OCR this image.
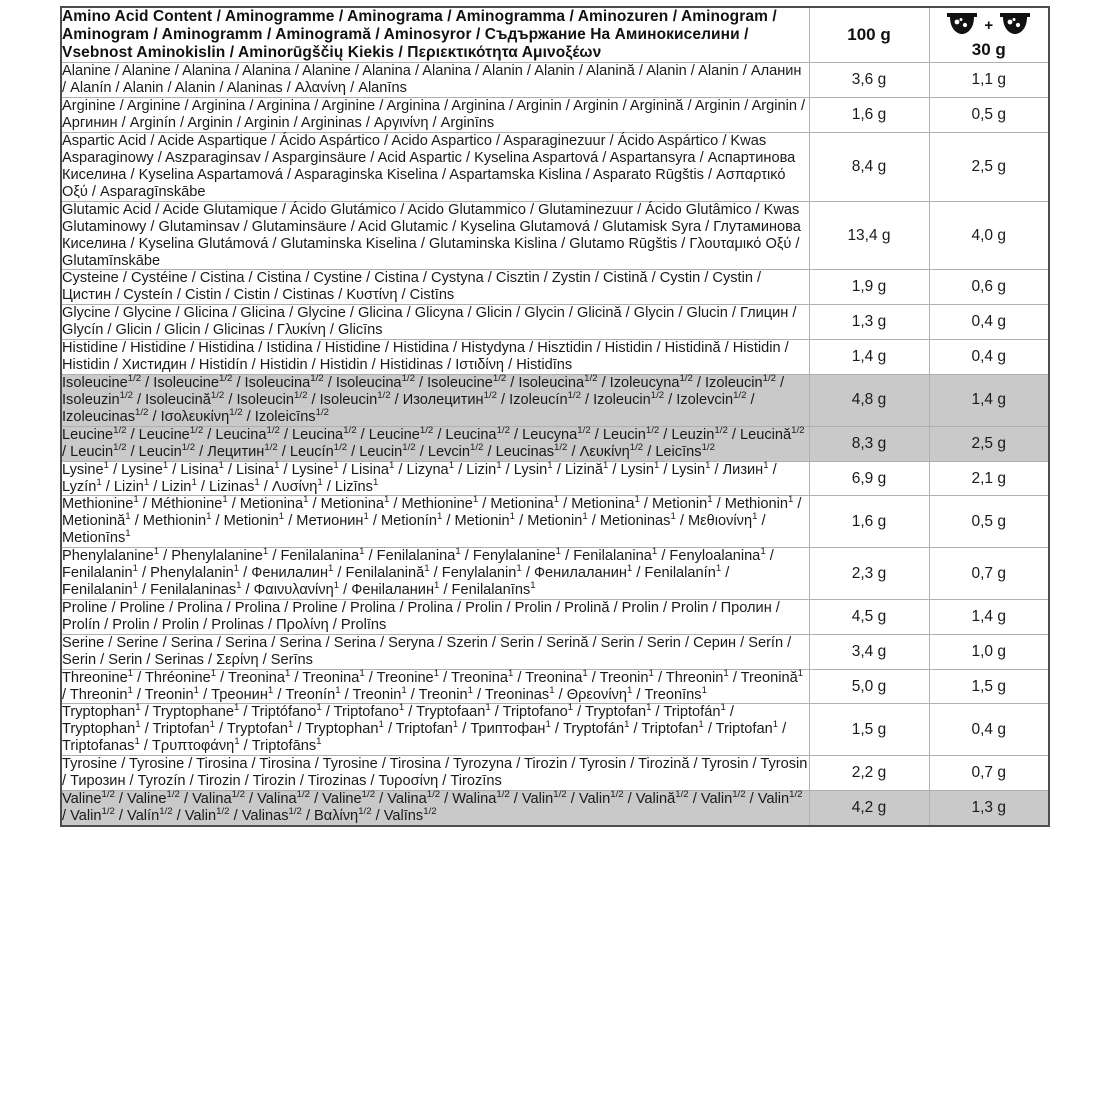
Amino Acid Content / Aminogramme / Aminograma / Aminogramma / Aminozuren / Aminogram / Aminogram / Aminogramm / Aminogramă / Aminosyror / Съдържание На Аминокиселини / Vsebnost Aminokislin / Aminorūgščių Kiekis / Περιεκτικότητα Αμινοξέων	100 g	+
30 g

Alanine / Alanine / Alanina / Alanina / Alanine / Alanina / Alanina / Alanin / Alanin / Alanină / Alanin / Alanin / Аланин / Alanín / Alanin / Alanin / Alaninas / Αλανίνη / Alanīns	3,6 g	1,1 g
Arginine / Arginine / Arginina / Arginina / Arginine / Arginina / Arginina / Arginin / Arginin / Arginină / Arginin / Arginin / Аргинин / Arginín / Arginin / Arginin / Argininas / Αργινίνη / Arginīns	1,6 g	0,5 g
Aspartic Acid / Acide Aspartique / Ácido Aspártico / Acido Aspartico / Asparaginezuur / Ácido Aspártico / Kwas Asparaginowy / Aszparaginsav / Asparginsäure / Acid Aspartic / Kyselina Aspartová / Aspartansyra / Аспартинова Киселина / Kyselina Aspartamová / Asparaginska Kiselina / Aspartamska Kislina / Asparato Rūgštis / Ασπαρτικό Οξύ / Asparagīnskābe	8,4 g	2,5 g
Glutamic Acid / Acide Glutamique / Ácido Glutámico / Acido Glutammico / Glutaminezuur / Ácido Glutâmico / Kwas Glutaminowy / Glutaminsav / Glutaminsäure / Acid Glutamic / Kyselina Glutamová / Glutamisk Syra / Глутаминова Киселина / Kyselina Glutámová / Glutaminska Kiselina / Glutaminska Kislina / Glutamo Rūgštis / Γλουταμικό Οξύ / Glutamīnskābe	13,4 g	4,0 g
Cysteine / Cystéine / Cistina / Cistina / Cystine / Cistina / Cystyna / Cisztin / Zystin / Cistină / Cystin / Cystin / Цистин / Cysteín / Cistin / Cistin / Cistinas / Κυστίνη / Cistīns	1,9 g	0,6 g
Glycine / Glycine / Glicina / Glicina / Glycine / Glicina / Glicyna / Glicin / Glycin / Glicină / Glycin / Glucin / Глицин / Glycín / Glicin / Glicin / Glicinas / Γλυκίνη / Glicīns	1,3 g	0,4 g
Histidine / Histidine / Histidina / Istidina / Histidine / Histidina / Histydyna / Hisztidin / Histidin / Histidină / Histidin / Histidin / Хистидин / Histidín / Histidin / Histidin / Histidinas / Ιστιδίνη / Histidīns	1,4 g	0,4 g
Isoleucine$^{1/2}$ / Isoleucine$^{1/2}$ / Isoleucina$^{1/2}$ / Isoleucina$^{1/2}$ / Isoleucine$^{1/2}$ / Isoleucina$^{1/2}$ / Izoleucyna$^{1/2}$ / Izoleucin$^{1/2}$ / Isoleuzin$^{1/2}$ / Isoleucină$^{1/2}$ / Isoleucin$^{1/2}$ / Isoleucin$^{1/2}$ / Изолецитин$^{1/2}$ / Izoleucín$^{1/2}$ / Izoleucin$^{1/2}$ / Izolevcin$^{1/2}$ / Izoleucinas$^{1/2}$ / Ισολευκίνη$^{1/2}$ / Izoleicīns$^{1/2}$	4,8 g	1,4 g
Leucine$^{1/2}$ / Leucine$^{1/2}$ / Leucina$^{1/2}$ / Leucina$^{1/2}$ / Leucine$^{1/2}$ / Leucina$^{1/2}$ / Leucyna$^{1/2}$ / Leucin$^{1/2}$ / Leuzin$^{1/2}$ / Leucină$^{1/2}$ / Leucin$^{1/2}$ / Leucin$^{1/2}$ / Лецитин$^{1/2}$ / Leucín$^{1/2}$ / Leucin$^{1/2}$ / Levcin$^{1/2}$ / Leucinas$^{1/2}$ / Λευκίνη$^{1/2}$ / Leicīns$^{1/2}$	8,3 g	2,5 g
Lysine$^1$ / Lysine$^1$ / Lisina$^1$ / Lisina$^1$ / Lysine$^1$ / Lisina$^1$ / Lizyna$^1$ / Lizin$^1$ / Lysin$^1$ / Lizină$^1$ / Lysin$^1$ / Lysin$^1$ / Лизин$^1$ / Lyzín$^1$ / Lizin$^1$ / Lizin$^1$ / Lizinas$^1$ / Λυσίνη$^1$ / Lizīns$^1$	6,9 g	2,1 g
Methionine$^1$ / Méthionine$^1$ / Metionina$^1$ / Metionina$^1$ / Methionine$^1$ / Metionina$^1$ / Metionina$^1$ / Metionin$^1$ / Methionin$^1$ / Metionină$^1$ / Methionin$^1$ / Metionin$^1$ / Метионин$^1$ / Metionín$^1$ / Metionin$^1$ / Metionin$^1$ / Metioninas$^1$ / Μεθιονίνη$^1$ / Metionīns$^1$	1,6 g	0,5 g
Phenylalanine$^1$ / Phenylalanine$^1$ / Fenilalanina$^1$ / Fenilalanina$^1$ / Fenylalanine$^1$ / Fenilalanina$^1$ / Fenyloalanina$^1$ / Fenilalanin$^1$ / Phenylalanin$^1$ / Фенилалин$^1$ / Fenilalanină$^1$ / Fenylalanin$^1$ / Фенилаланин$^1$ / Fenilalanín$^1$ / Fenilalanin$^1$ / Fenilalaninas$^1$ / Φαινυλανίνη$^1$ / Фенilаланин$^1$ / Fenilalanīns$^1$	2,3 g	0,7 g
Proline / Proline / Prolina / Prolina / Proline / Prolina / Prolina / Prolin / Prolin / Prolină / Prolin / Prolin / Пролин / Prolín / Prolin / Prolin / Prolinas / Προλίνη / Prolīns	4,5 g	1,4 g
Serine / Serine / Serina / Serina / Serina / Serina / Seryna / Szerin / Serin / Serină / Serin / Serin / Серин / Serín / Serin / Serin / Serinas / Σερίνη / Serīns	3,4 g	1,0 g
Threonine$^1$ / Thréonine$^1$ / Treonina$^1$ / Treonina$^1$ / Treonine$^1$ / Treonina$^1$ / Treonina$^1$ / Treonin$^1$ / Threonin$^1$ / Treonină$^1$ / Threonin$^1$ / Treonin$^1$ / Треонин$^1$ / Treonín$^1$ / Treonin$^1$ / Treonin$^1$ / Treoninas$^1$ / Θρεονίνη$^1$ / Treonīns$^1$	5,0 g	1,5 g
Tryptophan$^1$ / Tryptophane$^1$ / Triptófano$^1$ / Triptofano$^1$ / Tryptofaan$^1$ / Triptofano$^1$ / Tryptofan$^1$ / Triptofán$^1$ / Tryptophan$^1$ / Triptofan$^1$ / Tryptofan$^1$ / Tryptophan$^1$ / Triptofan$^1$ / Триптофан$^1$ / Tryptofán$^1$ / Triptofan$^1$ / Triptofan$^1$ / Triptofanas$^1$ / Τρυπτοφάνη$^1$ / Triptofāns$^1$	1,5 g	0,4 g
Tyrosine / Tyrosine / Tirosina / Tirosina / Tyrosine / Tirosina / Tyrozyna / Tirozin / Tyrosin / Tirozină / Tyrosin / Tyrosin / Тирозин / Tyrozín / Tirozin / Tirozin / Tirozinas / Τυροσίνη / Tirozīns	2,2 g	0,7 g
Valine$^{1/2}$ / Valine$^{1/2}$ / Valina$^{1/2}$ / Valina$^{1/2}$ / Valine$^{1/2}$ / Valina$^{1/2}$ / Walina$^{1/2}$ / Valin$^{1/2}$ / Valin$^{1/2}$ / Valină$^{1/2}$ / Valin$^{1/2}$ / Valin$^{1/2}$ / Valin$^{1/2}$ / Valín$^{1/2}$ / Valin$^{1/2}$ / Valinas$^{1/2}$ / Βαλίνη$^{1/2}$ / Valīns$^{1/2}$	4,2 g	1,3 g
